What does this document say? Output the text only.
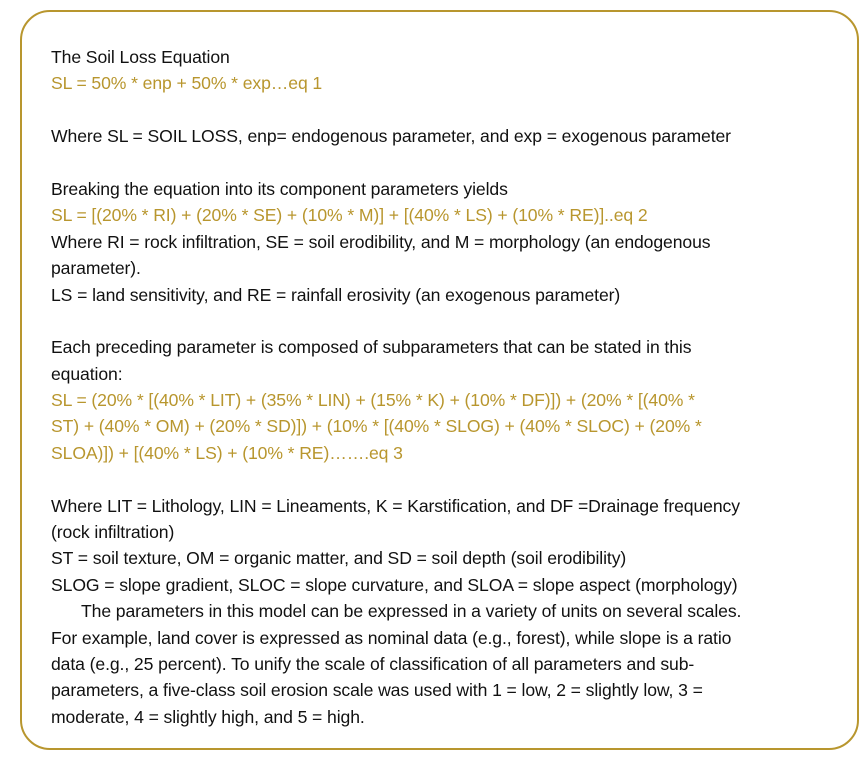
The Soil Loss Equation
SL = 50% * enp + 50% * exp…eq 1
Where SL = SOIL LOSS, enp= endogenous parameter, and exp = exogenous parameter
Breaking the equation into its component parameters yields
SL = [(20% * RI) + (20% * SE) + (10% * M)] + [(40% * LS) + (10% * RE)]..eq 2
Where RI = rock infiltration, SE = soil erodibility, and M = morphology (an endogenous
parameter).
LS = land sensitivity, and RE = rainfall erosivity (an exogenous parameter)
Each preceding parameter is composed of subparameters that can be stated in this
equation:
SL = (20% * [(40% * LIT) + (35% * LIN) + (15% * K) + (10% * DF)]) + (20% * [(40% *
ST) + (40% * OM) + (20% * SD)]) + (10% * [(40% * SLOG) + (40% * SLOC) + (20% *
SLOA)]) + [(40% * LS) + (10% * RE)…….eq 3
Where LIT = Lithology, LIN = Lineaments, K = Karstification, and DF =Drainage frequency
(rock infiltration)
ST = soil texture, OM = organic matter, and SD = soil depth (soil erodibility)
SLOG = slope gradient, SLOC = slope curvature, and SLOA = slope aspect (morphology)
The parameters in this model can be expressed in a variety of units on several scales.
For example, land cover is expressed as nominal data (e.g., forest), while slope is a ratio
data (e.g., 25 percent). To unify the scale of classification of all parameters and sub-
parameters, a five-class soil erosion scale was used with 1 = low, 2 = slightly low, 3 =
moderate, 4 = slightly high, and 5 = high.
